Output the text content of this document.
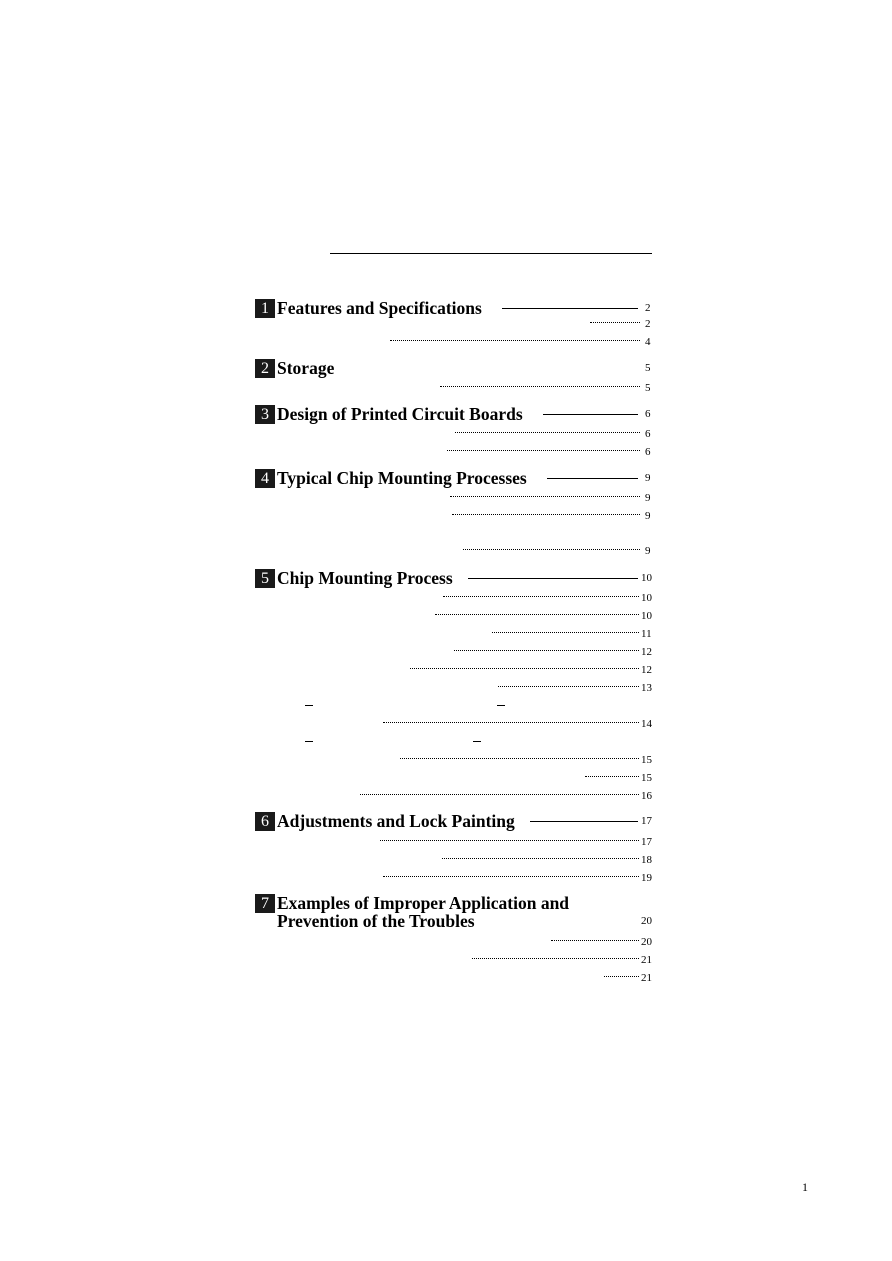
1 Features and Specifications	2
2
4
2 Storage	5
5
3 Design of Printed Circuit Boards	6
6
6
4 Typical Chip Mounting Processes	9
9
9
9
5 Chip Mounting Process	10
10
10
11
12
12
13
14
15
15
16
6 Adjustments and Lock Painting	17
17
18
19
7 Examples of Improper Application and
Prevention of the Troubles	20
20
21
21
1
